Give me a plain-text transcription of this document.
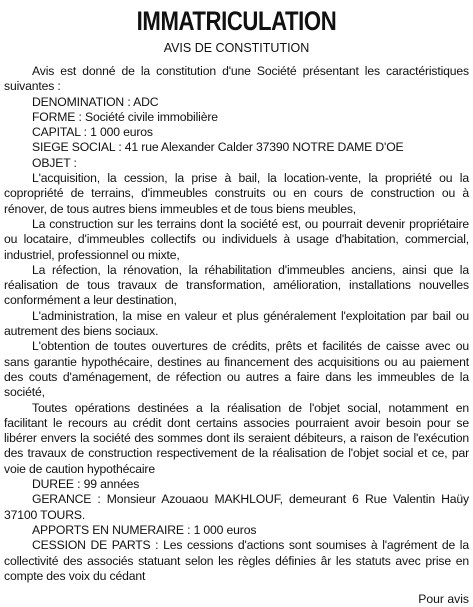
IMMATRICULATION
AVIS DE CONSTITUTION

Avis est donné de la constitution d'une Société présentant les caractéristiques suivantes :

DENOMINATION : ADC

FORME : Société civile immobilière

CAPITAL : 1 000 euros

SIEGE SOCIAL : 41 rue Alexander Calder 37390 NOTRE DAME D'OE

OBJET :

L'acquisition, la cession, la prise à bail, la location-vente, la propriété ou la copropriété de terrains, d'immeubles construits ou en cours de construction ou à rénover, de tous autres biens immeubles et de tous biens meubles,

La construction sur les terrains dont la société est, ou pourrait devenir propriétaire ou locataire, d'immeubles collectifs ou individuels à usage d'habitation, commercial, industriel, professionnel ou mixte,

La réfection, la rénovation, la réhabilitation d'immeubles anciens, ainsi que la réalisation de tous travaux de transformation, amélioration, installations nouvelles conformément a leur destination,

L'administration, la mise en valeur et plus généralement l'exploitation par bail ou autrement des biens sociaux.

L'obtention de toutes ouvertures de crédits, prêts et facilités de caisse avec ou sans garantie hypothécaire, destines au financement des acquisitions ou au paiement des couts d'aménagement, de réfection ou autres a faire dans les immeubles de la société,

Toutes opérations destinées a la réalisation de l'objet social, notamment en facilitant le recours au crédit dont certains associes pourraient avoir besoin pour se libérer envers la société des sommes dont ils seraient débiteurs, a raison de l'exécution des travaux de construction respectivement de la réalisation de l'objet social et ce, par voie de caution hypothécaire

DUREE : 99 années

GERANCE : Monsieur Azouaou MAKHLOUF, demeurant 6 Rue Valentin Haüy 37100 TOURS.

APPORTS EN NUMERAIRE : 1 000 euros

CESSION DE PARTS : Les cessions d'actions sont soumises à l'agrément de la collectivité des associés statuant selon les règles définies âr les statuts avec prise en compte des voix du cédant

Pour avis
